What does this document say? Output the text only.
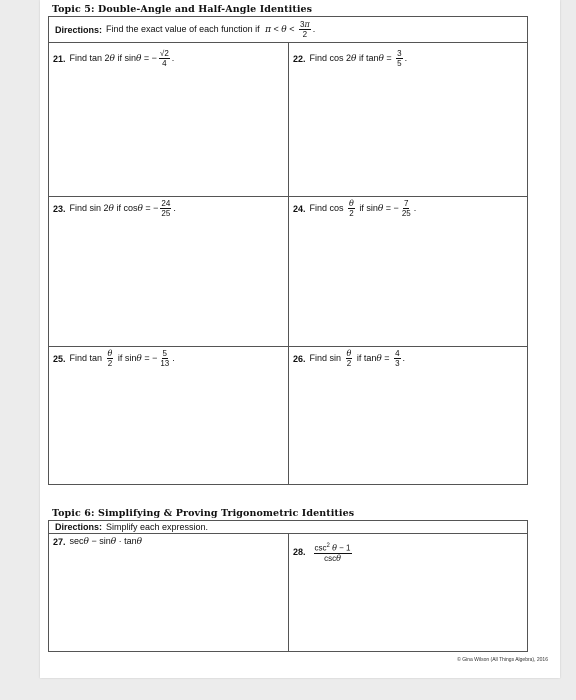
Topic 5: Double-Angle and Half-Angle Identities
Directions: Find the exact value of each function if $\pi < \theta < \frac{3\pi}{2}$ .
21. Find tan 2θ if sinθ = − $\frac{√2}{4}$ .	22. Find cos 2θ if $\tan\theta = \frac{3}{5}$ .
23. Find sin 2θ if cosθ = − $\frac{24}{25}$ .	24. Find $\cos \frac{\theta}{2}$ if sinθ = − $\frac{7}{25}$ .
25. Find $\tan \frac{\theta}{2}$ if sinθ = − $\frac{5}{13}$ .	26. Find $\sin \frac{\theta}{2}$ if $\tan\theta = \frac{4}{3}$ .
Topic 6: Simplifying & Proving Trigonometric Identities
Directions: Simplify each expression.
27. secθ − sinθ · tanθ
28. $\frac{\csc^2 \theta - 1}{\csc\theta}$
© Gina Wilson (All Things Algebra), 2016
